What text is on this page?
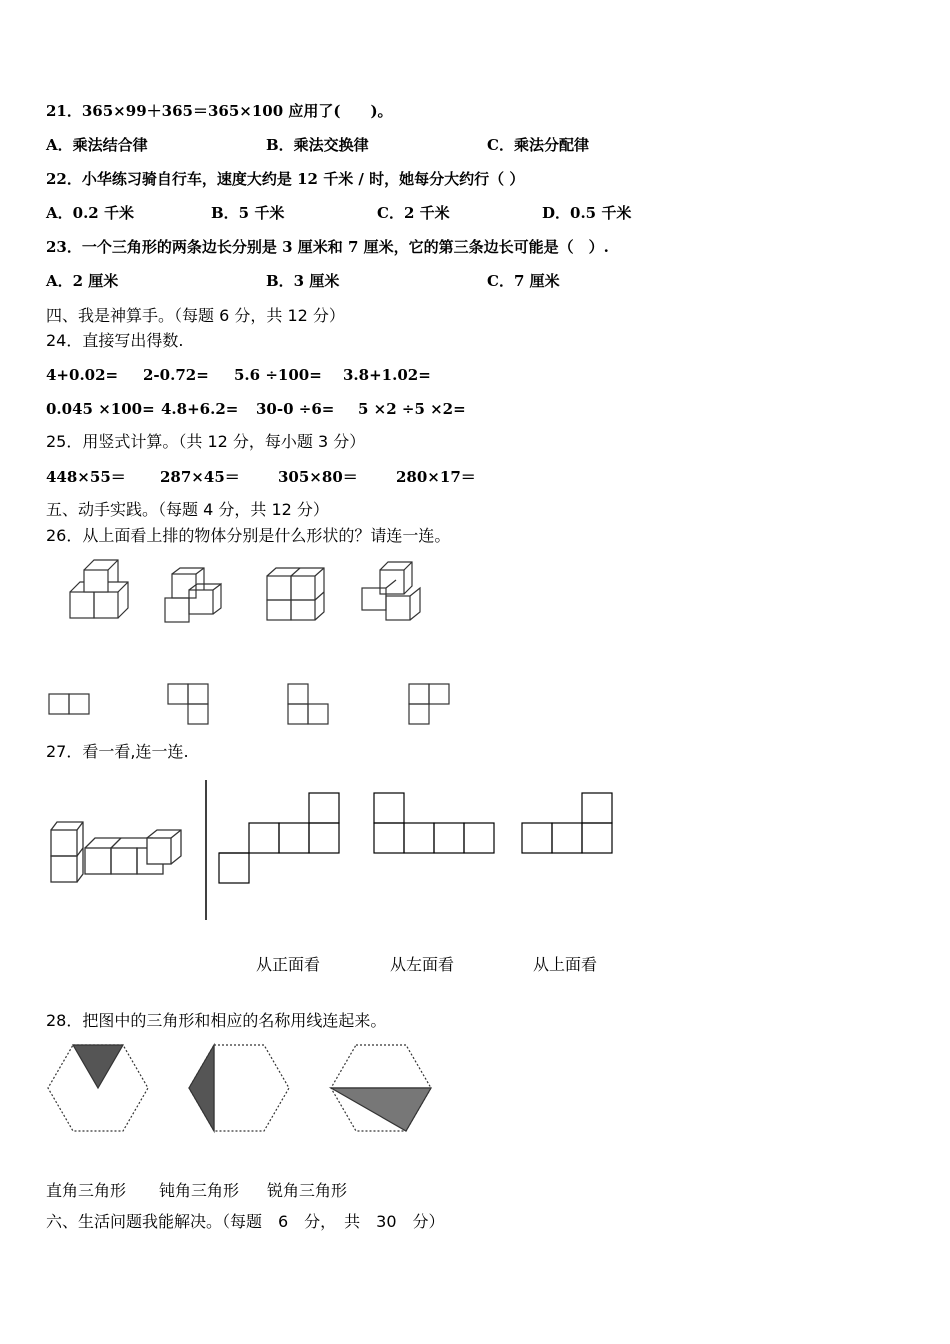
21．365×99＋365＝365×100 应用了(　　)。
A．乘法结合律	B．乘法交换律	C．乘法分配律
22．小华练习骑自行车，速度大约是 12 千米 / 时，她每分大约行（ ）
A．0.2 千米	B．5 千米	C．2 千米	D．0.5 千米
23．一个三角形的两条边长分别是 3 厘米和 7 厘米，它的第三条边长可能是（　）.
A．2 厘米	B．3 厘米	C．7 厘米
四、我是神算手。（每题 6 分，共 12 分）
24．直接写出得数.
4+0.02= 2-0.72= 5.6 ÷100= 3.8+1.02=
0.045 ×100= 4.8+6.2= 30-0 ÷6= 5 ×2 ÷5 ×2=
25．用竖式计算。（共 12 分，每小题 3 分）
448×55＝ 287×45＝	305×80＝	280×17＝
五、动手实践。（每题 4 分，共 12 分）
26．从上面看上排的物体分别是什么形状的？请连一连。
27．看一看,连一连.
从正面看	从左面看	从上面看
28．把图中的三角形和相应的名称用线连起来。
直角三角形 钝角三角形 锐角三角形
六、生活问题我能解决。（每题　6　分，　共　30　分）
